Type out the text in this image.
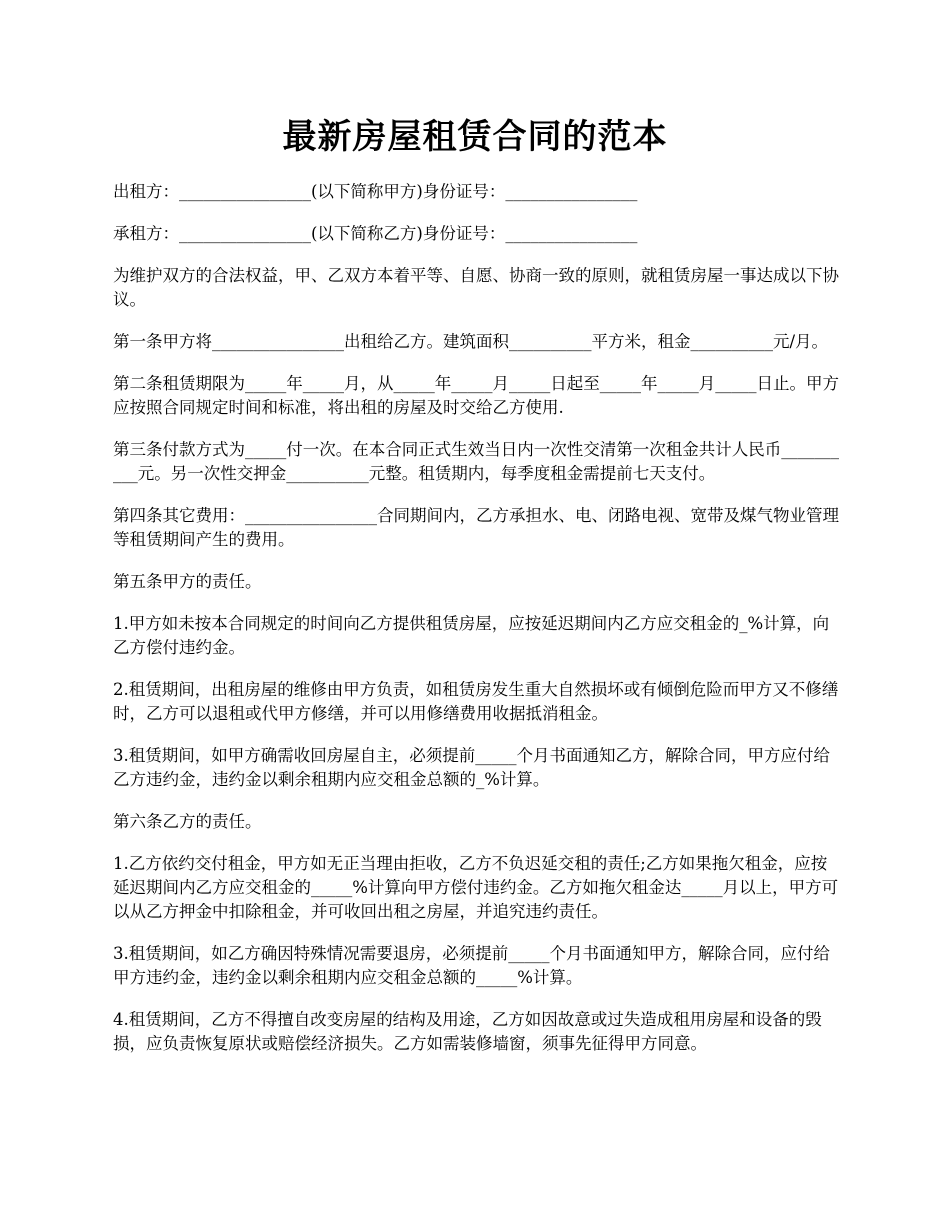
最新房屋租赁合同的范本

出租方：________________(以下简称甲方)身份证号：________________

承租方：________________(以下简称乙方)身份证号：________________

为维护双方的合法权益，甲、乙双方本着平等、自愿、协商一致的原则，就租赁房屋一事达成以下协议。

第一条甲方将________________出租给乙方。建筑面积__________平方米，租金__________元/月。

第二条租赁期限为_____年_____月，从_____年_____月_____日起至_____年_____月_____日止。甲方应按照合同规定时间和标准，将出租的房屋及时交给乙方使用.

第三条付款方式为_____付一次。在本合同正式生效当日内一次性交清第一次租金共计人民币__________元。另一次性交押金__________元整。租赁期内，每季度租金需提前七天支付。

第四条其它费用：________________合同期间内，乙方承担水、电、闭路电视、宽带及煤气物业管理等租赁期间产生的费用。

第五条甲方的责任。

1.甲方如未按本合同规定的时间向乙方提供租赁房屋，应按延迟期间内乙方应交租金的_%计算，向乙方偿付违约金。

2.租赁期间，出租房屋的维修由甲方负责，如租赁房发生重大自然损坏或有倾倒危险而甲方又不修缮时，乙方可以退租或代甲方修缮，并可以用修缮费用收据抵消租金。

3.租赁期间，如甲方确需收回房屋自主，必须提前_____个月书面通知乙方，解除合同，甲方应付给乙方违约金，违约金以剩余租期内应交租金总额的_%计算。

第六条乙方的责任。

1.乙方依约交付租金，甲方如无正当理由拒收，乙方不负迟延交租的责任;乙方如果拖欠租金，应按延迟期间内乙方应交租金的_____%计算向甲方偿付违约金。乙方如拖欠租金达_____月以上，甲方可以从乙方押金中扣除租金，并可收回出租之房屋，并追究违约责任。

3.租赁期间，如乙方确因特殊情况需要退房，必须提前_____个月书面通知甲方，解除合同，应付给甲方违约金，违约金以剩余租期内应交租金总额的_____%计算。

4.租赁期间，乙方不得擅自改变房屋的结构及用途，乙方如因故意或过失造成租用房屋和设备的毁损，应负责恢复原状或赔偿经济损失。乙方如需装修墙窗，须事先征得甲方同意。
